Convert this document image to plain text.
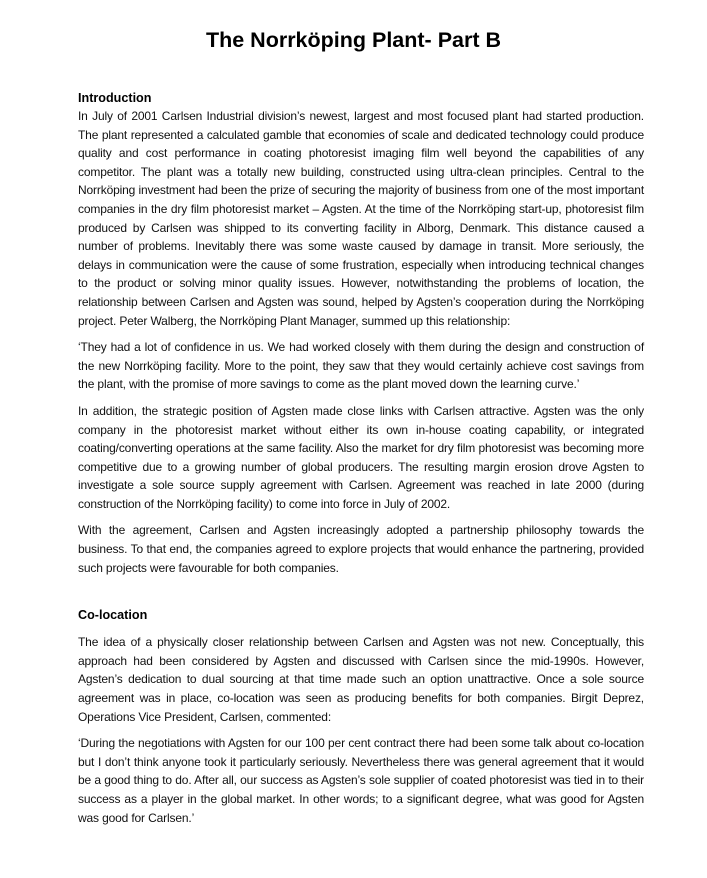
The Norrköping Plant- Part B

Introduction

In July of 2001 Carlsen Industrial division’s newest, largest and most focused plant had started production. The plant represented a calculated gamble that economies of scale and dedicated technology could produce quality and cost performance in coating photoresist imaging film well beyond the capabilities of any competitor. The plant was a totally new building, constructed using ultra-clean principles. Central to the Norrköping investment had been the prize of securing the majority of business from one of the most important companies in the dry film photoresist market – Agsten. At the time of the Norrköping start-up, photoresist film produced by Carlsen was shipped to its converting facility in Alborg, Denmark. This distance caused a number of problems. Inevitably there was some waste caused by damage in transit. More seriously, the delays in communication were the cause of some frustration, especially when introducing technical changes to the product or solving minor quality issues. However, notwithstanding the problems of location, the relationship between Carlsen and Agsten was sound, helped by Agsten’s cooperation during the Norrköping project. Peter Walberg, the Norrköping Plant Manager, summed up this relationship:

‘They had a lot of confidence in us. We had worked closely with them during the design and construction of the new Norrköping facility. More to the point, they saw that they would certainly achieve cost savings from the plant, with the promise of more savings to come as the plant moved down the learning curve.’

In addition, the strategic position of Agsten made close links with Carlsen attractive. Agsten was the only company in the photoresist market without either its own in-house coating capability, or integrated coating/converting operations at the same facility. Also the market for dry film photoresist was becoming more competitive due to a growing number of global producers. The resulting margin erosion drove Agsten to investigate a sole source supply agreement with Carlsen. Agreement was reached in late 2000 (during construction of the Norrköping facility) to come into force in July of 2002.

With the agreement, Carlsen and Agsten increasingly adopted a partnership philosophy towards the business. To that end, the companies agreed to explore projects that would enhance the partnering, provided such projects were favourable for both companies.

Co-location

The idea of a physically closer relationship between Carlsen and Agsten was not new. Conceptually, this approach had been considered by Agsten and discussed with Carlsen since the mid-1990s. However, Agsten’s dedication to dual sourcing at that time made such an option unattractive. Once a sole source agreement was in place, co-location was seen as producing benefits for both companies. Birgit Deprez, Operations Vice President, Carlsen, commented:

‘During the negotiations with Agsten for our 100 per cent contract there had been some talk about co-location but I don’t think anyone took it particularly seriously. Nevertheless there was general agreement that it would be a good thing to do. After all, our success as Agsten’s sole supplier of coated photoresist was tied in to their success as a player in the global market. In other words; to a significant degree, what was good for Agsten was good for Carlsen.’
